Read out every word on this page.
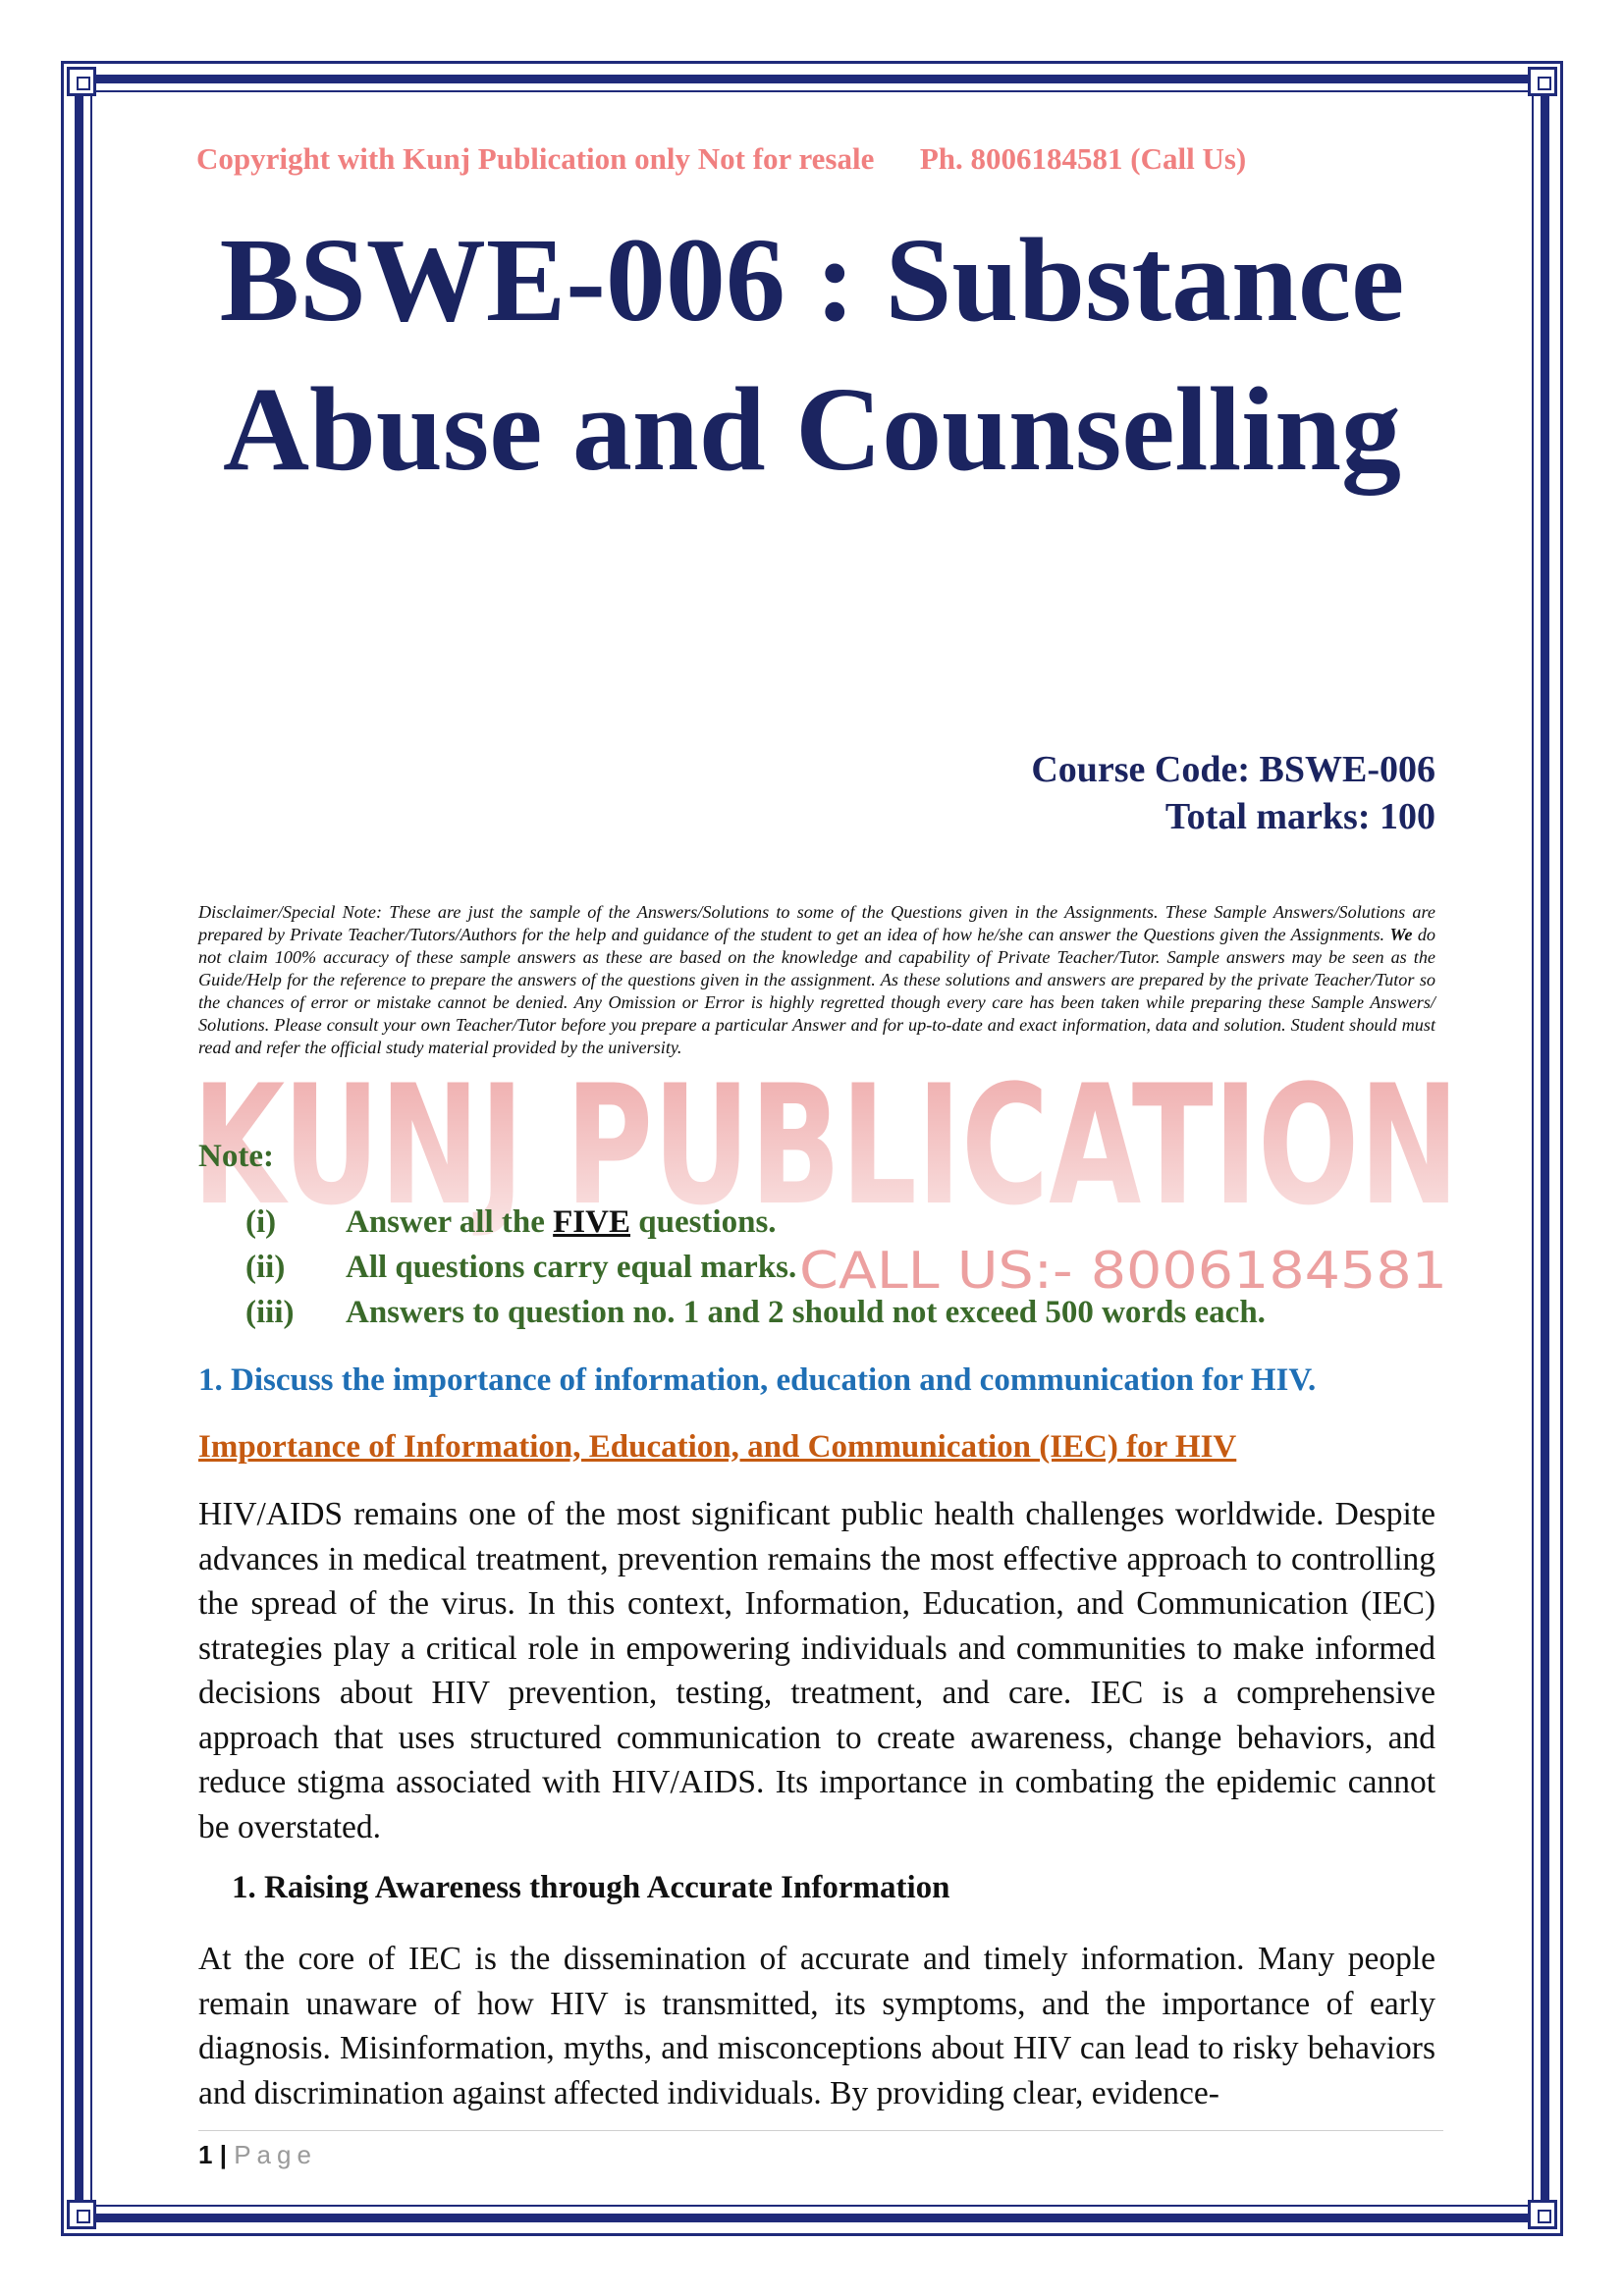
Copyright with Kunj Publication only Not for resale Ph. 8006184581 (Call Us)
BSWE-006 : Substance
Abuse and Counselling
Course Code: BSWE-006
Total marks: 100
Disclaimer/Special Note: These are just the sample of the Answers/Solutions to some of the Questions given in the Assignments. These Sample Answers/Solutions are prepared by Private Teacher/Tutors/Authors for the help and guidance of the student to get an idea of how he/she can answer the Questions given the Assignments. We do not claim 100% accuracy of these sample answers as these are based on the knowledge and capability of Private Teacher/Tutor. Sample answers may be seen as the Guide/Help for the reference to prepare the answers of the questions given in the assignment. As these solutions and answers are prepared by the private Teacher/Tutor so the chances of error or mistake cannot be denied. Any Omission or Error is highly regretted though every care has been taken while preparing these Sample Answers/ Solutions. Please consult your own Teacher/Tutor before you prepare a particular Answer and for up-to-date and exact information, data and solution. Student should must read and refer the official study material provided by the university.
KUNJ PUBLICATION
CALL US:- 8006184581
Note:
(i)	Answer all the FIVE questions.
(ii)	All questions carry equal marks.
(iii)	Answers to question no. 1 and 2 should not exceed 500 words each.
1. Discuss the importance of information, education and communication for HIV.
Importance of Information, Education, and Communication (IEC) for HIV
HIV/AIDS remains one of the most significant public health challenges worldwide. Despite advances in medical treatment, prevention remains the most effective approach to controlling the spread of the virus. In this context, Information, Education, and Communication (IEC) strategies play a critical role in empowering individuals and communities to make informed decisions about HIV prevention, testing, treatment, and care. IEC is a comprehensive approach that uses structured communication to create awareness, change behaviors, and reduce stigma associated with HIV/AIDS. Its importance in combating the epidemic cannot be overstated.
1. Raising Awareness through Accurate Information
At the core of IEC is the dissemination of accurate and timely information. Many people remain unaware of how HIV is transmitted, its symptoms, and the importance of early diagnosis. Misinformation, myths, and misconceptions about HIV can lead to risky behaviors and discrimination against affected individuals. By providing clear, evidence-
1 | Page
